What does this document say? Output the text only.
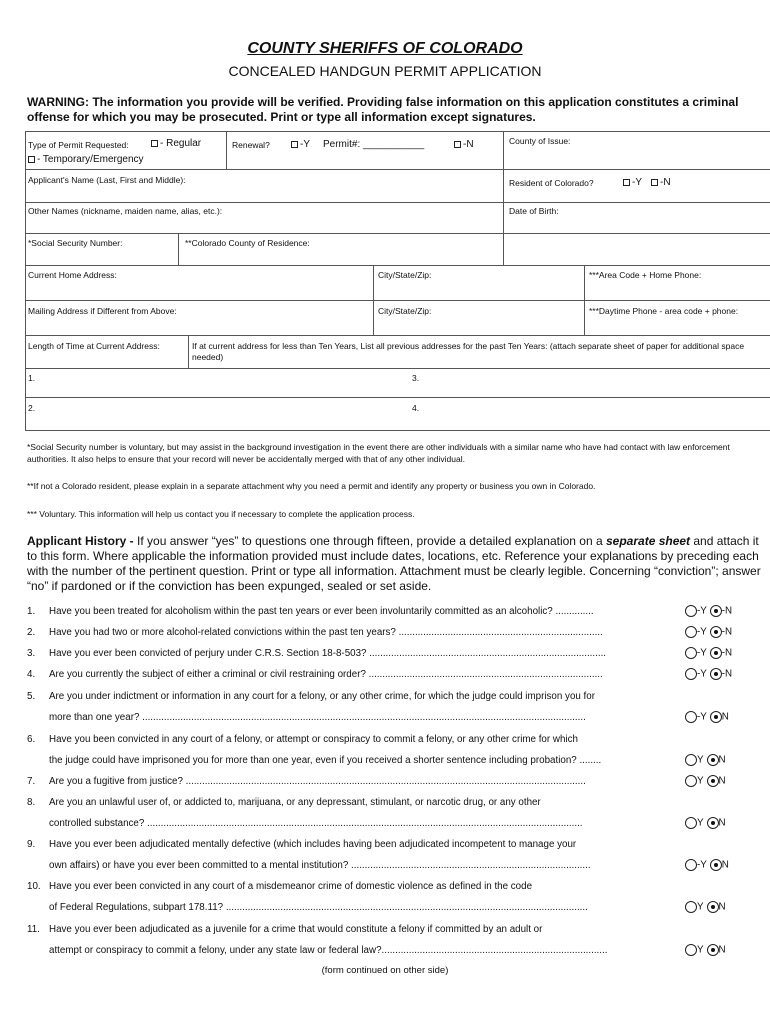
COUNTY SHERIFFS OF COLORADO
CONCEALED HANDGUN PERMIT APPLICATION
WARNING: The information you provide will be verified. Providing false information on this application constitutes a criminal offense for which you may be prosecuted. Print or type all information except signatures.
Type of Permit Requested:	- Regular
- Temporary/Emergency
Renewal?	-Y Permit#: ___________	-N	County of Issue:
Applicant's Name (Last, First and Middle):	Resident of Colorado?	-Y	-N
Other Names (nickname, maiden name, alias, etc.):	Date of Birth:
*Social Security Number:	**Colorado County of Residence:
Current Home Address:	City/State/Zip:	***Area Code + Home Phone:
Mailing Address if Different from Above:	City/State/Zip:	***Daytime Phone - area code + phone:
Length of Time at Current Address:	If at current address for less than Ten Years, List all previous addresses for the past Ten Years: (attach separate sheet of paper for additional space needed)
1.	3.
2.	4.
*Social Security number is voluntary, but may assist in the background investigation in the event there are other individuals with a similar name who have had contact with law enforcement authorities. It also helps to ensure that your record will never be accidentally merged with that of any other individual.
**If not a Colorado resident, please explain in a separate attachment why you need a permit and identify any property or business you own in Colorado.
*** Voluntary. This information will help us contact you if necessary to complete the application process.
Applicant History - If you answer “yes” to questions one through fifteen, provide a detailed explanation on a separate sheet and attach it to this form. Where applicable the information provided must include dates, locations, etc. Reference your explanations by preceding each with the number of the pertinent question. Print or type all information. Attachment must be clearly legible. Concerning “conviction”; answer “no” if pardoned or if the conviction has been expunged, sealed or set aside.
1. Have you been treated for alcoholism within the past ten years or ever been involuntarily committed as an alcoholic? ..............	-Y -N
2. Have you had two or more alcohol-related convictions within the past ten years? ...........................................................................	-Y -N
3. Have you ever been convicted of perjury under C.R.S. Section 18-8-503? .......................................................................................	-Y -N
4. Are you currently the subject of either a criminal or civil restraining order? ......................................................................................	-Y -N
5. Are you under indictment or information in any court for a felony, or any other crime, for which the judge could imprison you for
more than one year? ...................................................................................................................................................................	-Y N
6. Have you been convicted in any court of a felony, or attempt or conspiracy to commit a felony, or any other crime for which
the judge could have imprisoned you for more than one year, even if you received a shorter sentence including probation? ........	Y N
7. Are you a fugitive from justice? ...................................................................................................................................................	Y N
8. Are you an unlawful user of, or addicted to, marijuana, or any depressant, stimulant, or narcotic drug, or any other
controlled substance? ................................................................................................................................................................	Y N
9. Have you ever been adjudicated mentally defective (which includes having been adjudicated incompetent to manage your
own affairs) or have you ever been committed to a mental institution? ........................................................................................	-Y N
10. Have you ever been convicted in any court of a misdemeanor crime of domestic violence as defined in the code
of Federal Regulations, subpart 178.11? .....................................................................................................................................	Y N
11. Have you ever been adjudicated as a juvenile for a crime that would constitute a felony if committed by an adult or
attempt or conspiracy to commit a felony, under any state law or federal law?...................................................................................	Y N
(form continued on other side)
